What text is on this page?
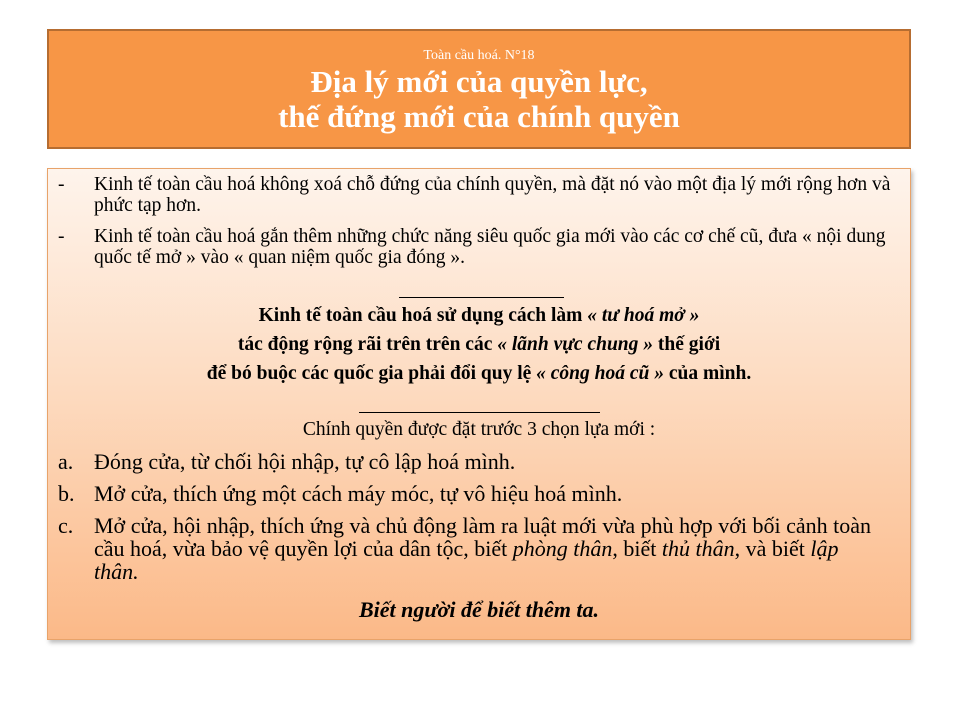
Toàn cầu hoá. N°18
Địa lý mới của quyền lực,
thế đứng mới của chính quyền
- Kinh tế toàn cầu hoá không xoá chỗ đứng của chính quyền, mà đặt nó vào một địa lý mới rộng hơn và phức tạp hơn.
- Kinh tế toàn cầu hoá gắn thêm những chức năng siêu quốc gia mới vào các cơ chế cũ, đưa « nội dung quốc tế mở » vào « quan niệm quốc gia đóng ».
Kinh tế toàn cầu hoá sử dụng cách làm « tư hoá mở »
tác động rộng rãi trên trên các « lãnh vực chung » thế giới
để bó buộc các quốc gia phải đổi quy lệ « công hoá cũ » của mình.
Chính quyền được đặt trước 3 chọn lựa mới :
a. Đóng cửa, từ chối hội nhập, tự cô lập hoá mình.
b. Mở cửa, thích ứng một cách máy móc, tự vô hiệu hoá mình.
c. Mở cửa, hội nhập, thích ứng và chủ động làm ra luật mới vừa phù hợp với bối cảnh toàn cầu hoá, vừa bảo vệ quyền lợi của dân tộc, biết phòng thân, biết thủ thân, và biết lập thân.
Biết người để biết thêm ta.
